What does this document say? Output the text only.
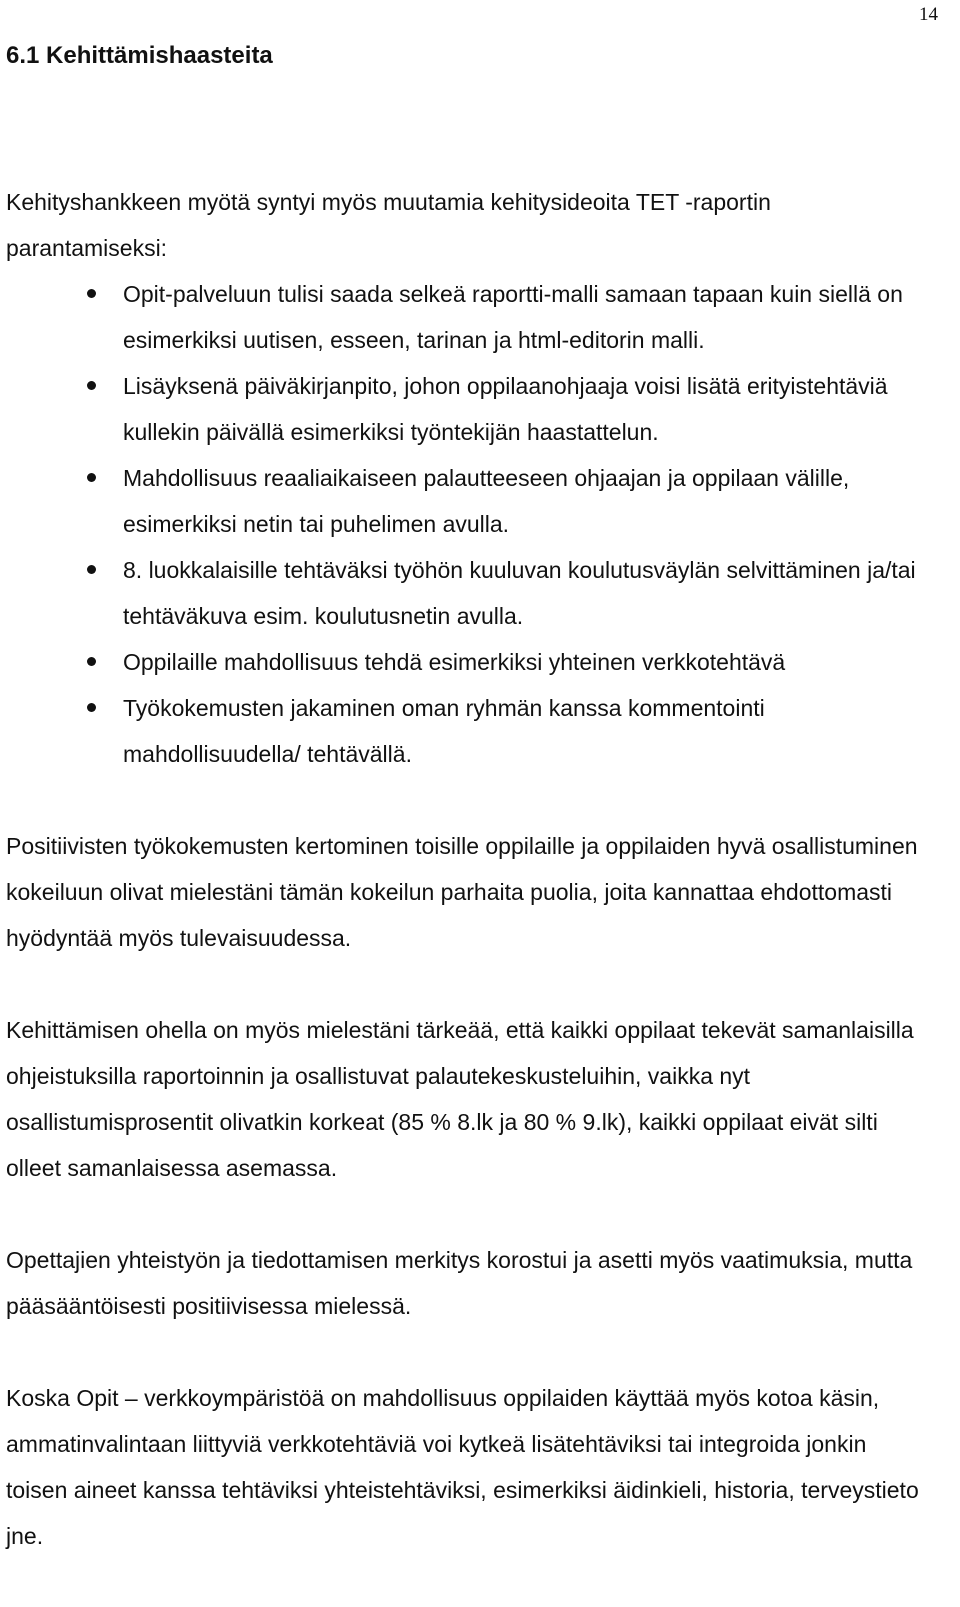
14
6.1 Kehittämishaasteita

Kehityshankkeen myötä syntyi myös muutamia kehitysideoita TET -raportin parantamiseksi:

Opit-palveluun tulisi saada selkeä raportti-malli samaan tapaan kuin siellä on esimerkiksi uutisen, esseen, tarinan ja html-editorin malli.
Lisäyksenä päiväkirjanpito, johon oppilaanohjaaja voisi lisätä erityistehtäviä kullekin päivällä esimerkiksi työntekijän haastattelun.
Mahdollisuus reaaliaikaiseen palautteeseen ohjaajan ja oppilaan välille, esimerkiksi netin tai puhelimen avulla.
8. luokkalaisille tehtäväksi työhön kuuluvan koulutusväylän selvittäminen ja/tai tehtäväkuva esim. koulutusnetin avulla.
Oppilaille mahdollisuus tehdä esimerkiksi yhteinen verkkotehtävä
Työkokemusten jakaminen oman ryhmän kanssa kommentointi mahdollisuudella/ tehtävällä.

Positiivisten työkokemusten kertominen toisille oppilaille ja oppilaiden hyvä osallistuminen kokeiluun olivat mielestäni tämän kokeilun parhaita puolia, joita kannattaa ehdottomasti hyödyntää myös tulevaisuudessa.

Kehittämisen ohella on myös mielestäni tärkeää, että kaikki oppilaat tekevät samanlaisilla ohjeistuksilla raportoinnin ja osallistuvat palautekeskusteluihin, vaikka nyt osallistumisprosentit olivatkin korkeat (85 % 8.lk ja 80 % 9.lk), kaikki oppilaat eivät silti olleet samanlaisessa asemassa.

Opettajien yhteistyön ja tiedottamisen merkitys korostui ja asetti myös vaatimuksia, mutta pääsääntöisesti positiivisessa mielessä.

Koska Opit – verkkoympäristöä on mahdollisuus oppilaiden käyttää myös kotoa käsin, ammatinvalintaan liittyviä verkkotehtäviä voi kytkeä lisätehtäviksi tai integroida jonkin toisen aineet kanssa tehtäviksi yhteistehtäviksi, esimerkiksi äidinkieli, historia, terveystieto jne.
